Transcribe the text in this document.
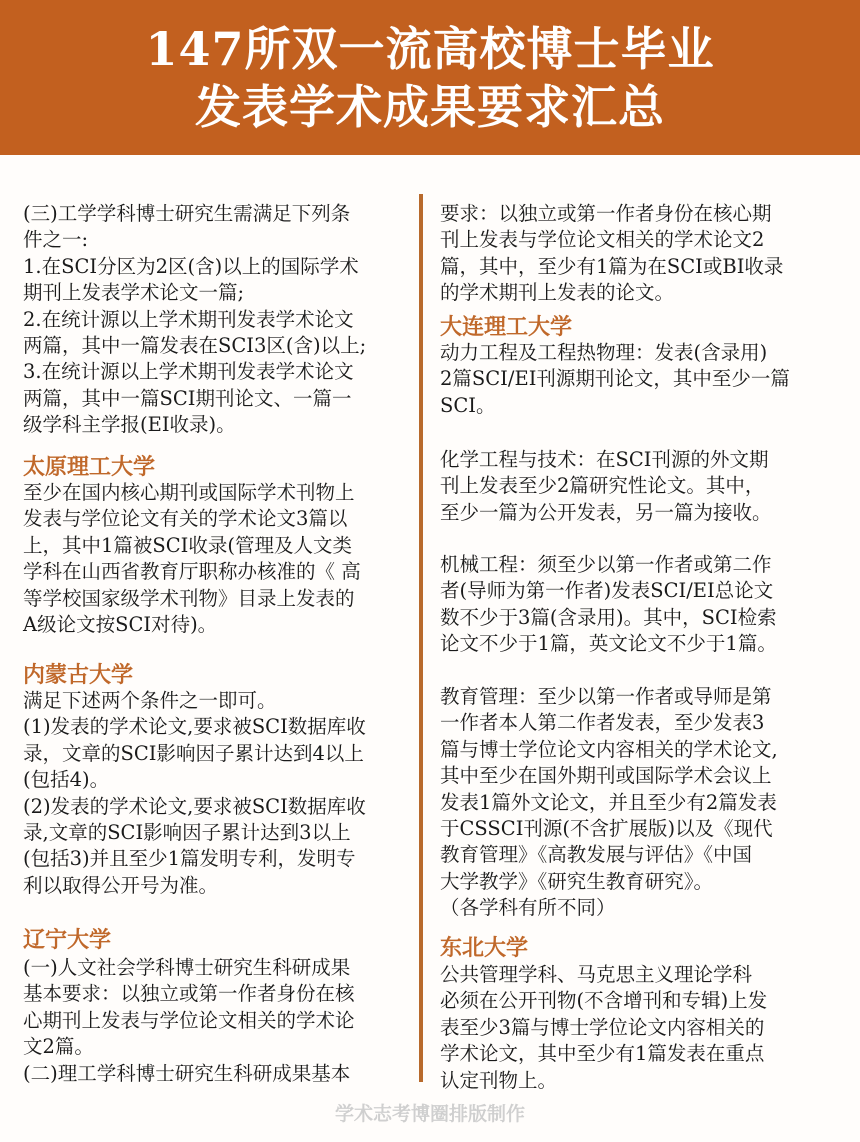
147所双一流高校博士毕业
发表学术成果要求汇总
(三)工学学科博士研究生需满足下列条
件之一:
1.在SCI分区为2区(含)以上的国际学术
期刊上发表学术论文一篇;
2.在统计源以上学术期刊发表学术论文
两篇，其中一篇发表在SCI3区(含)以上;
3.在统计源以上学术期刊发表学术论文
两篇，其中一篇SCI期刊论文、一篇一
级学科主学报(EI收录)。
太原理工大学
至少在国内核心期刊或国际学术刊物上
发表与学位论文有关的学术论文3篇以
上，其中1篇被SCI收录(管理及人文类
学科在山西省教育厅职称办核准的《 高
等学校国家级学术刊物》目录上发表的
A级论文按SCI对待)。
内蒙古大学
满足下述两个条件之一即可。
(1)发表的学术论文,要求被SCI数据库收
录，文章的SCI影响因子累计达到4以上
(包括4)。
(2)发表的学术论文,要求被SCI数据库收
录,文章的SCI影响因子累计达到3以上
(包括3)并且至少1篇发明专利，发明专
利以取得公开号为准。
辽宁大学
(一)人文社会学科博士研究生科研成果
基本要求：以独立或第一作者身份在核
心期刊上发表与学位论文相关的学术论
文2篇。
(二)理工学科博士研究生科研成果基本
要求：以独立或第一作者身份在核心期
刊上发表与学位论文相关的学术论文2
篇，其中，至少有1篇为在SCI或BI收录
的学术期刊上发表的论文。
大连理工大学
动力工程及工程热物理：发表(含录用)
2篇SCI/EI刊源期刊论文，其中至少一篇
SCI。
化学工程与技术：在SCI刊源的外文期
刊上发表至少2篇研究性论文。其中，
至少一篇为公开发表，另一篇为接收。
机械工程：须至少以第一作者或第二作
者(导师为第一作者)发表SCI/EI总论文
数不少于3篇(含录用)。其中，SCI检索
论文不少于1篇，英文论文不少于1篇。
教育管理：至少以第一作者或导师是第
一作者本人第二作者发表，至少发表3
篇与博士学位论文内容相关的学术论文,
其中至少在国外期刊或国际学术会议上
发表1篇外文论文，并且至少有2篇发表
于CSSCI刊源(不含扩展版)以及《现代
教育管理》《高教发展与评估》《中国
大学教学》《研究生教育研究》。
（各学科有所不同）
东北大学
公共管理学科、马克思主义理论学科
必须在公开刊物(不含增刊和专辑)上发
表至少3篇与博士学位论文内容相关的
学术论文，其中至少有1篇发表在重点
认定刊物上。
学术志考博圈排版制作
